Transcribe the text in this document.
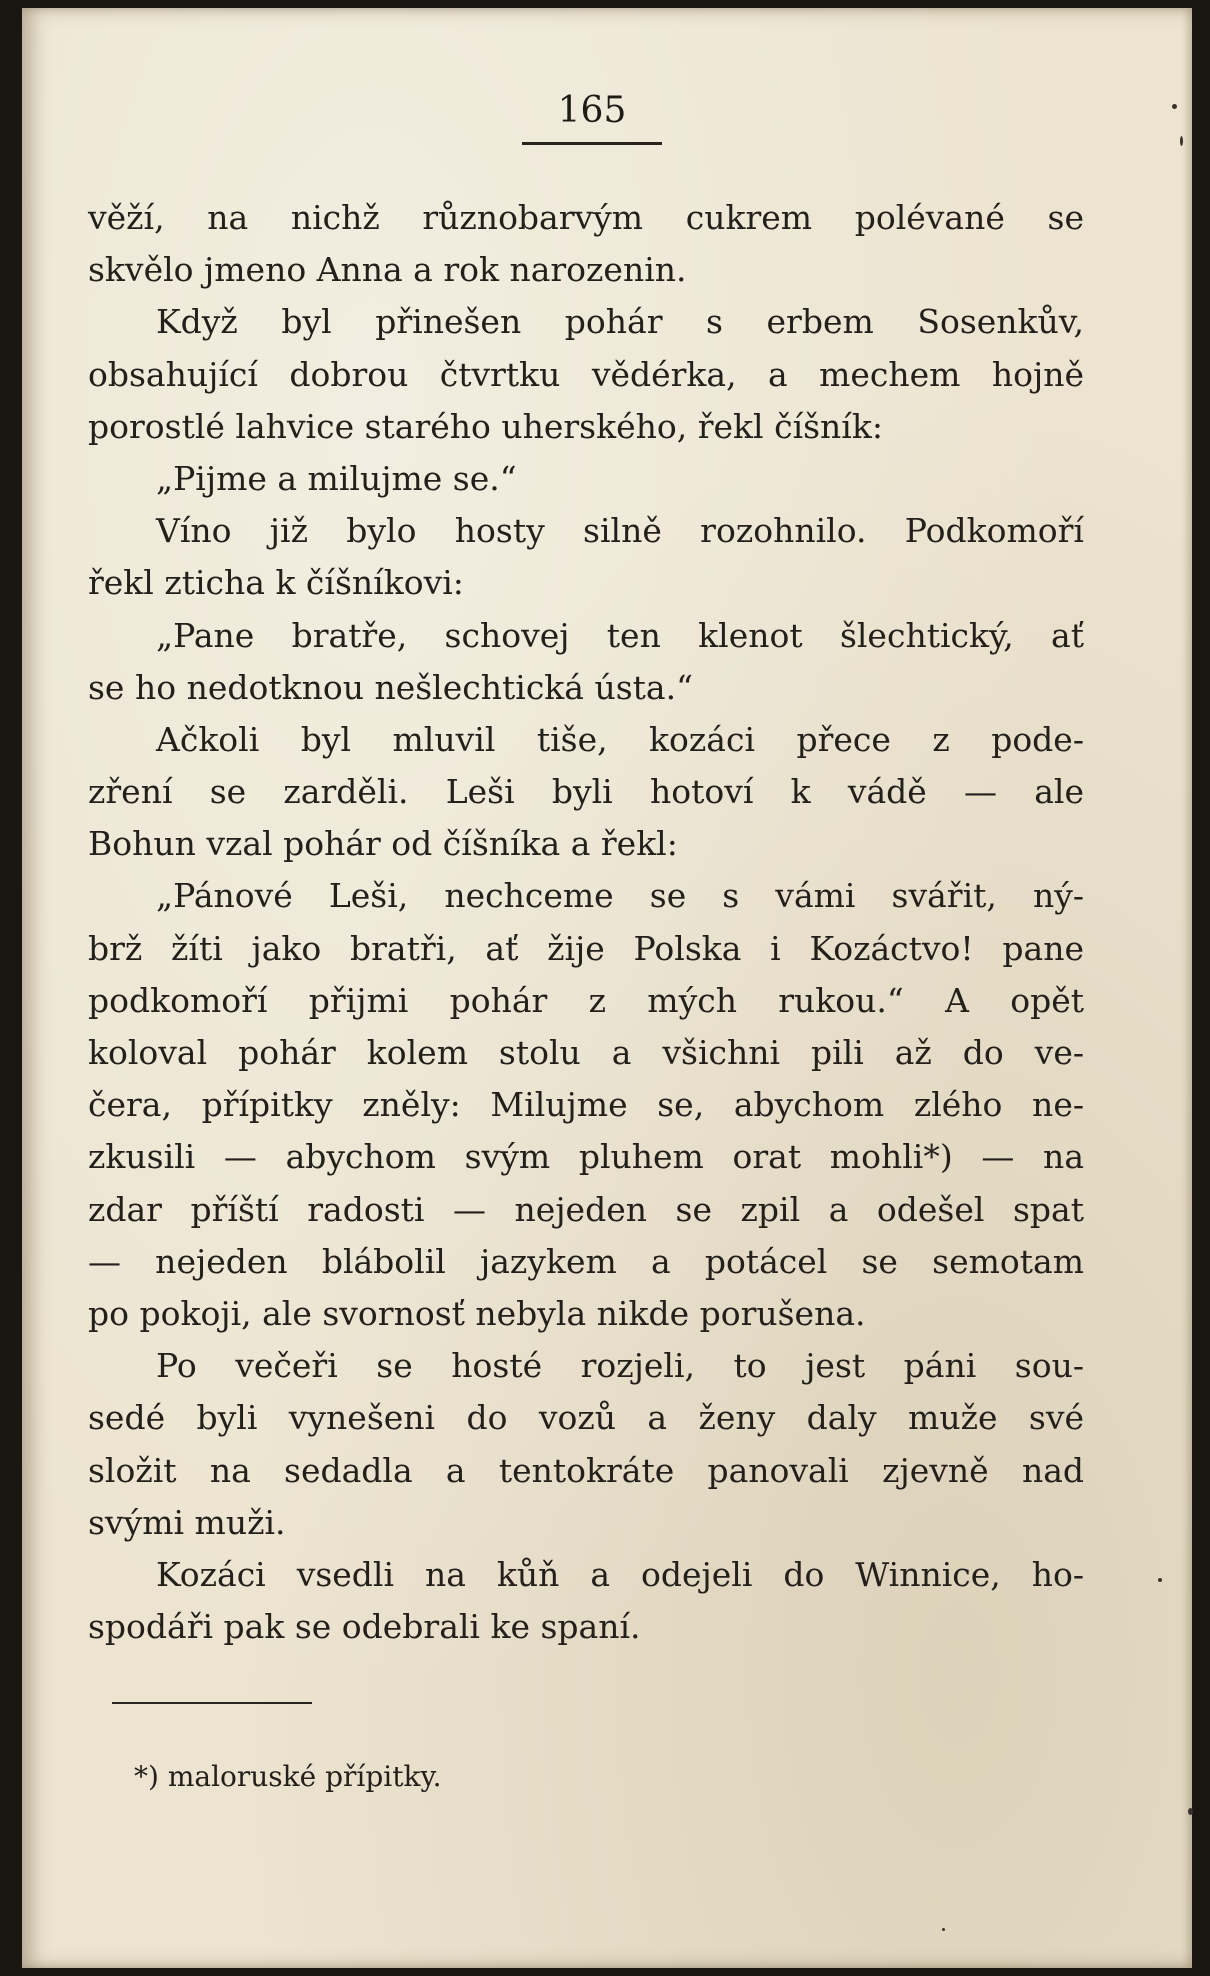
165
věží, na nichž různobarvým cukrem polévané se
skvělo jmeno Anna a rok narozenin.
Když byl přinešen pohár s erbem Sosenkův,
obsahující dobrou čtvrtku vědérka, a mechem hojně
porostlé lahvice starého uherského, řekl číšník:
„Pijme a milujme se.“
Víno již bylo hosty silně rozohnilo. Podkomoří
řekl zticha k číšníkovi:
„Pane bratře, schovej ten klenot šlechtický, ať
se ho nedotknou nešlechtická ústa.“
Ačkoli byl mluvil tiše, kozáci přece z pode-
zření se zarděli. Leši byli hotoví k vádě — ale
Bohun vzal pohár od číšníka a řekl:
„Pánové Leši, nechceme se s vámi svářit, ný-
brž žíti jako bratři, ať žije Polska i Kozáctvo! pane
podkomoří přijmi pohár z mých rukou.“ A opět
koloval pohár kolem stolu a všichni pili až do ve-
čera, přípitky zněly: Milujme se, abychom zlého ne-
zkusili — abychom svým pluhem orat mohli*) — na
zdar příští radosti — nejeden se zpil a odešel spat
— nejeden blábolil jazykem a potácel se semotam
po pokoji, ale svornosť nebyla nikde porušena.
Po večeři se hosté rozjeli, to jest páni sou-
sedé byli vynešeni do vozů a ženy daly muže své
složit na sedadla a tentokráte panovali zjevně nad
svými muži.
Kozáci vsedli na kůň a odejeli do Winnice, ho-
spodáři pak se odebrali ke spaní.
*) maloruské přípitky.
